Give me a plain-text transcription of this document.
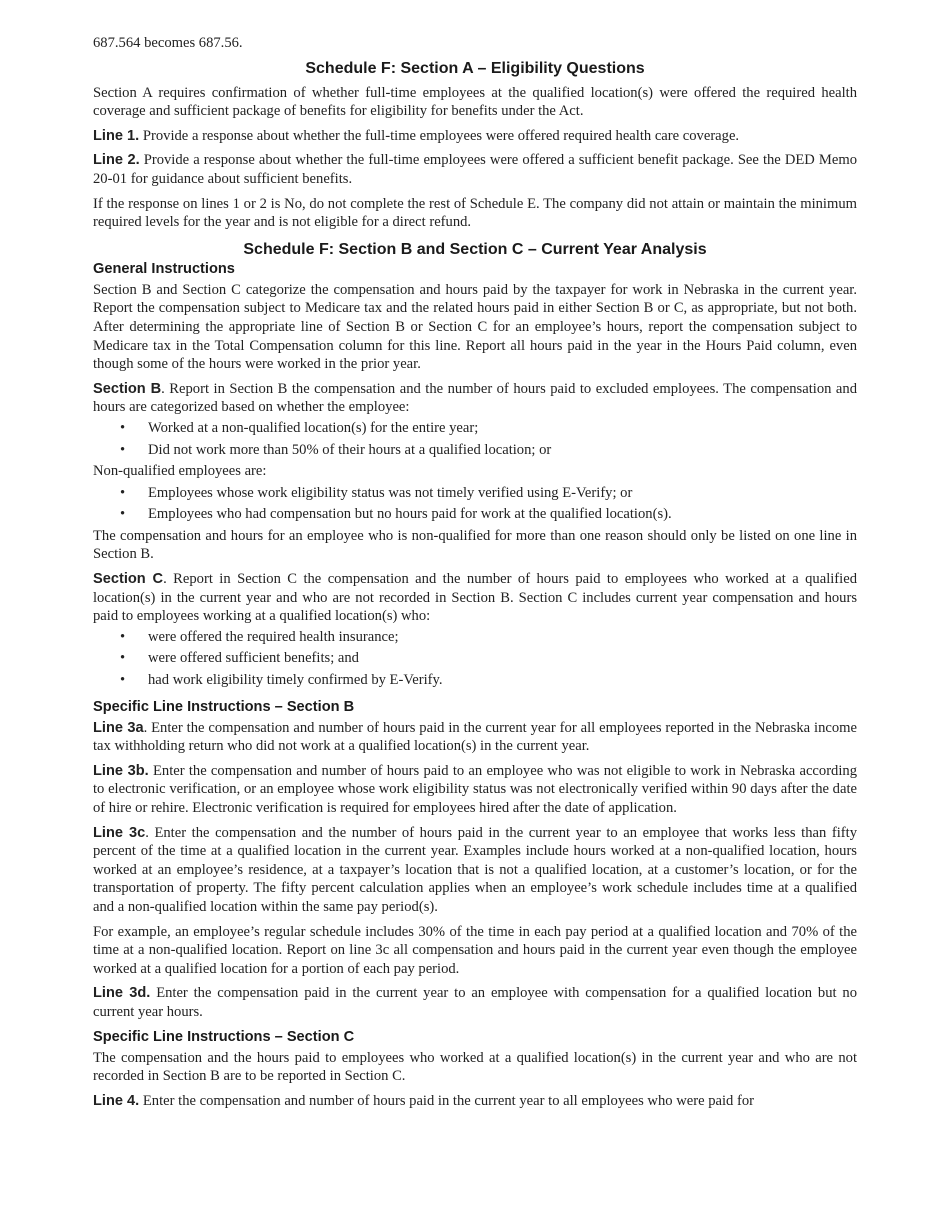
687.564 becomes 687.56.

Schedule F: Section A – Eligibility Questions

Section A requires confirmation of whether full-time employees at the qualified location(s) were offered the required health coverage and sufficient package of benefits for eligibility for benefits under the Act.

Line 1. Provide a response about whether the full-time employees were offered required health care coverage.

Line 2. Provide a response about whether the full-time employees were offered a sufficient benefit package. See the DED Memo 20-01 for guidance about sufficient benefits.

If the response on lines 1 or 2 is No, do not complete the rest of Schedule E. The company did not attain or maintain the minimum required levels for the year and is not eligible for a direct refund.

Schedule F: Section B and Section C – Current Year Analysis
General Instructions

Section B and Section C categorize the compensation and hours paid by the taxpayer for work in Nebraska in the current year. Report the compensation subject to Medicare tax and the related hours paid in either Section B or C, as appropriate, but not both. After determining the appropriate line of Section B or Section C for an employee’s hours, report the compensation subject to Medicare tax in the Total Compensation column for this line. Report all hours paid in the year in the Hours Paid column, even though some of the hours were worked in the prior year.

Section B. Report in Section B the compensation and the number of hours paid to excluded employees. The compensation and hours are categorized based on whether the employee:

• Worked at a non-qualified location(s) for the entire year;
• Did not work more than 50% of their hours at a qualified location; or

Non-qualified employees are:

• Employees whose work eligibility status was not timely verified using E-Verify; or
• Employees who had compensation but no hours paid for work at the qualified location(s).

The compensation and hours for an employee who is non-qualified for more than one reason should only be listed on one line in Section B.

Section C. Report in Section C the compensation and the number of hours paid to employees who worked at a qualified location(s) in the current year and who are not recorded in Section B. Section C includes current year compensation and hours paid to employees working at a qualified location(s) who:

• were offered the required health insurance;
• were offered sufficient benefits; and
• had work eligibility timely confirmed by E-Verify.
Specific Line Instructions – Section B

Line 3a. Enter the compensation and number of hours paid in the current year for all employees reported in the Nebraska income tax withholding return who did not work at a qualified location(s) in the current year.

Line 3b. Enter the compensation and number of hours paid to an employee who was not eligible to work in Nebraska according to electronic verification, or an employee whose work eligibility status was not electronically verified within 90 days after the date of hire or rehire. Electronic verification is required for employees hired after the date of application.

Line 3c. Enter the compensation and the number of hours paid in the current year to an employee that works less than fifty percent of the time at a qualified location in the current year. Examples include hours worked at a non-qualified location, hours worked at an employee’s residence, at a taxpayer’s location that is not a qualified location, at a customer’s location, or for the transportation of property. The fifty percent calculation applies when an employee’s work schedule includes time at a qualified and a non-qualified location within the same pay period(s).

For example, an employee’s regular schedule includes 30% of the time in each pay period at a qualified location and 70% of the time at a non-qualified location. Report on line 3c all compensation and hours paid in the current year even though the employee worked at a qualified location for a portion of each pay period.

Line 3d. Enter the compensation paid in the current year to an employee with compensation for a qualified location but no current year hours.

Specific Line Instructions – Section C

The compensation and the hours paid to employees who worked at a qualified location(s) in the current year and who are not recorded in Section B are to be reported in Section C.

Line 4. Enter the compensation and number of hours paid in the current year to all employees who were paid for
